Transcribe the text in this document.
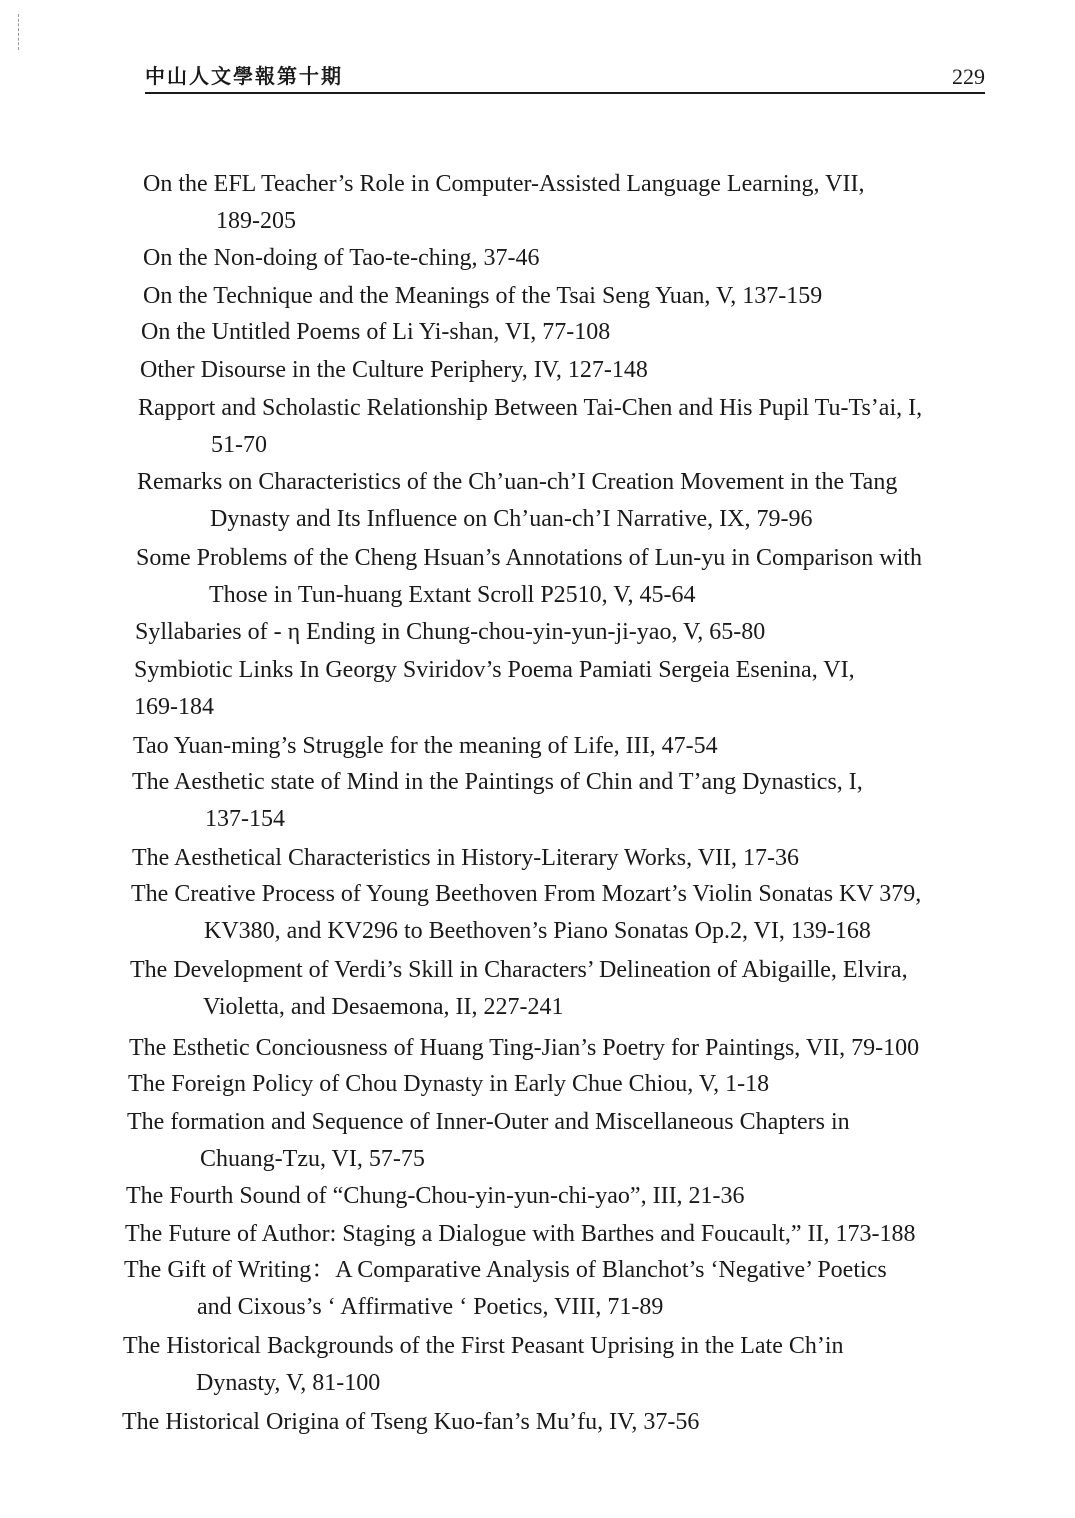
中山人文學報第十期	229
On the EFL Teacher’s Role in Computer-Assisted Language Learning, VII,
189-205
On the Non-doing of Tao-te-ching, 37-46
On the Technique and the Meanings of the Tsai Seng Yuan, V, 137-159
On the Untitled Poems of Li Yi-shan, VI, 77-108
Other Disourse in the Culture Periphery, IV, 127-148
Rapport and Scholastic Relationship Between Tai-Chen and His Pupil Tu-Ts’ai, I,
51-70
Remarks on Characteristics of the Ch’uan-ch’I Creation Movement in the Tang
Dynasty and Its Influence on Ch’uan-ch’I Narrative, IX, 79-96
Some Problems of the Cheng Hsuan’s Annotations of Lun-yu in Comparison with
Those in Tun-huang Extant Scroll P2510, V, 45-64
Syllabaries of - η Ending in Chung-chou-yin-yun-ji-yao, V, 65-80
Symbiotic Links In Georgy Sviridov’s Poema Pamiati Sergeia Esenina, VI,
169-184
Tao Yuan-ming’s Struggle for the meaning of Life, III, 47-54
The Aesthetic state of Mind in the Paintings of Chin and T’ang Dynastics, I,
137-154
The Aesthetical Characteristics in History-Literary Works, VII, 17-36
The Creative Process of Young Beethoven From Mozart’s Violin Sonatas KV 379,
KV380, and KV296 to Beethoven’s Piano Sonatas Op.2, VI, 139-168
The Development of Verdi’s Skill in Characters’ Delineation of Abigaille, Elvira,
Violetta, and Desaemona, II, 227-241
The Esthetic Conciousness of Huang Ting-Jian’s Poetry for Paintings, VII, 79-100
The Foreign Policy of Chou Dynasty in Early Chue Chiou, V, 1-18
The formation and Sequence of Inner-Outer and Miscellaneous Chapters in
Chuang-Tzu, VI, 57-75
The Fourth Sound of “Chung-Chou-yin-yun-chi-yao”, III, 21-36
The Future of Author: Staging a Dialogue with Barthes and Foucault,” II, 173-188
The Gift of Writing：A Comparative Analysis of Blanchot’s ‘Negative’ Poetics
and Cixous’s ‘ Affirmative ‘ Poetics, VIII, 71-89
The Historical Backgrounds of the First Peasant Uprising in the Late Ch’in
Dynasty, V, 81-100
The Historical Origina of Tseng Kuo-fan’s Mu’fu, IV, 37-56
